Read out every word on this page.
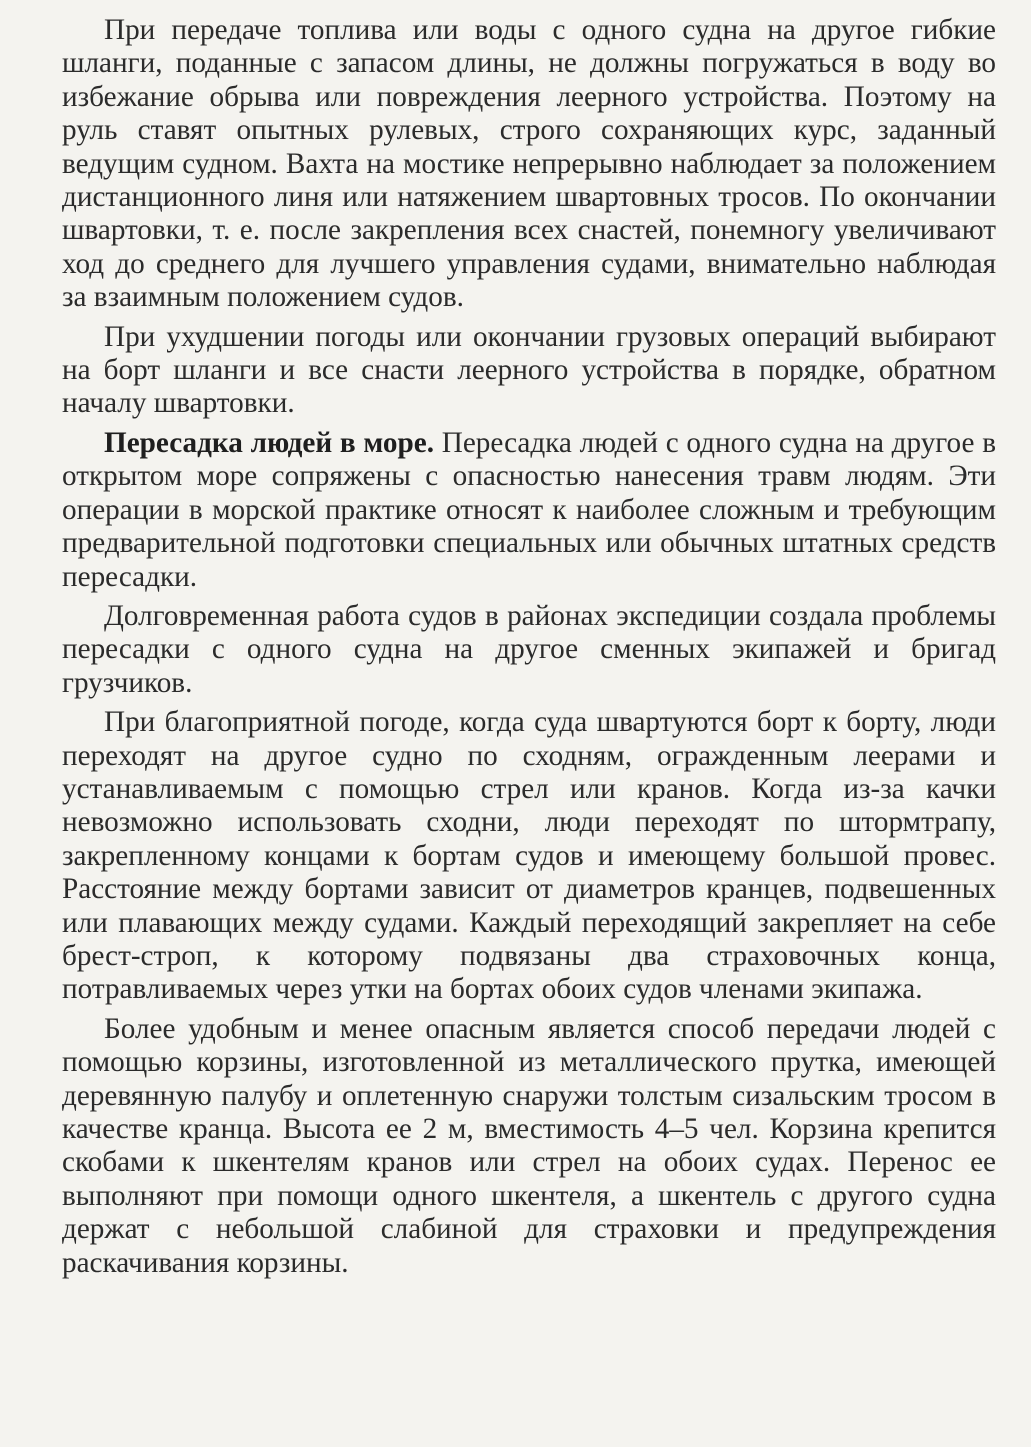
При передаче топлива или воды с одного судна на другое гибкие шланги, поданные с запасом длины, не должны погружаться в воду во избежание обрыва или повреждения леерного устройства. Поэтому на руль ставят опытных рулевых, строго сохраняющих курс, заданный ведущим судном. Вахта на мостике непрерывно наблюдает за положением дистанционного линя или натяжением швартовных тросов. По окончании швартовки, т. е. после закрепления всех снастей, понемногу увеличивают ход до среднего для лучшего управления судами, внимательно наблюдая за взаимным положением судов.

При ухудшении погоды или окончании грузовых операций выбирают на борт шланги и все снасти леерного устройства в порядке, обратном началу швартовки.

Пересадка людей в море. Пересадка людей с одного судна на другое в открытом море сопряжены с опасностью нанесения травм людям. Эти операции в морской практике относят к наиболее сложным и требующим предварительной подготовки специальных или обычных штатных средств пересадки.

Долговременная работа судов в районах экспедиции создала проблемы пересадки с одного судна на другое сменных экипажей и бригад грузчиков.

При благоприятной погоде, когда суда швартуются борт к борту, люди переходят на другое судно по сходням, огражденным леерами и устанавливаемым с помощью стрел или кранов. Когда из-за качки невозможно использовать сходни, люди переходят по штормтрапу, закрепленному концами к бортам судов и имеющему большой провес. Расстояние между бортами зависит от диаметров кранцев, подвешенных или плавающих между судами. Каждый переходящий закрепляет на себе брест-строп, к которому подвязаны два страховочных конца, потравливаемых через утки на бортах обоих судов членами экипажа.

Более удобным и менее опасным является способ передачи людей с помощью корзины, изготовленной из металлического прутка, имеющей деревянную палубу и оплетенную снаружи толстым сизальским тросом в качестве кранца. Высота ее 2 м, вместимость 4–5 чел. Корзина крепится скобами к шкентелям кранов или стрел на обоих судах. Перенос ее выполняют при помощи одного шкентеля, а шкентель с другого судна держат с небольшой слабиной для страховки и предупреждения раскачивания корзины.
